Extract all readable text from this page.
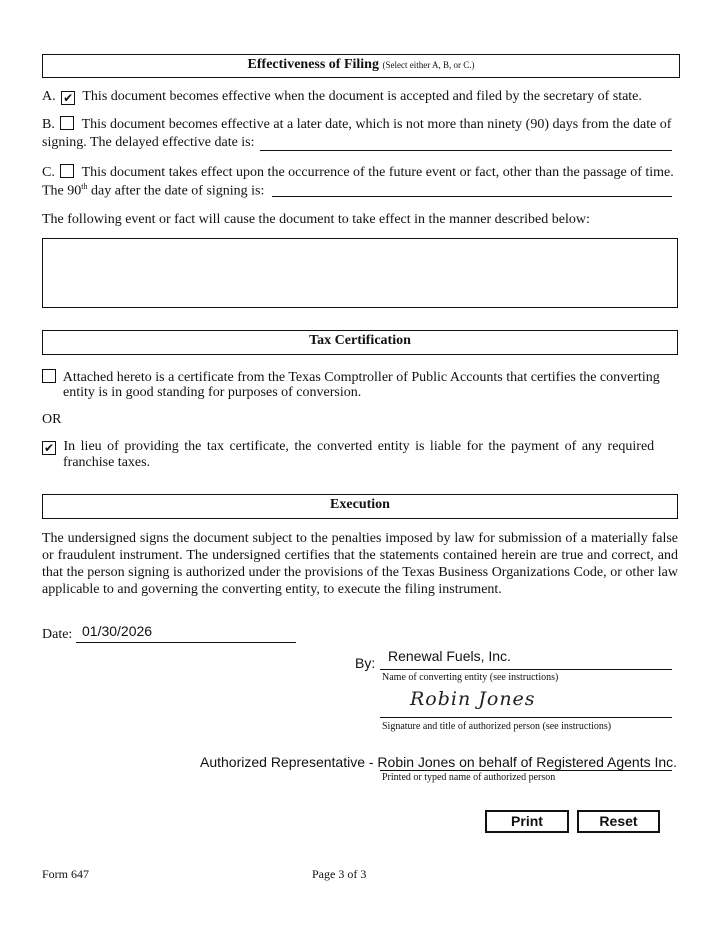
Effectiveness of Filing (Select either A, B, or C.)
A. ✔ This document becomes effective when the document is accepted and filed by the secretary of state.
B. This document becomes effective at a later date, which is not more than ninety (90) days from the date of
signing. The delayed effective date is:
C. This document takes effect upon the occurrence of the future event or fact, other than the passage of time.
The 90th day after the date of signing is:
The following event or fact will cause the document to take effect in the manner described below:
Tax Certification
Attached hereto is a certificate from the Texas Comptroller of Public Accounts that certifies the converting
entity is in good standing for purposes of conversion.
OR
✔ In lieu of providing the tax certificate, the converted entity is liable for the payment of any required
franchise taxes.
Execution
The undersigned signs the document subject to the penalties imposed by law for submission of a materially false or fraudulent instrument. The undersigned certifies that the statements contained herein are true and correct, and that the person signing is authorized under the provisions of the Texas Business Organizations Code, or other law applicable to and governing the converting entity, to execute the filing instrument.
Date: 01/30/2026
By: Renewal Fuels, Inc.
Name of converting entity (see instructions)
Robin Jones
Signature and title of authorized person (see instructions)
Authorized Representative - Robin Jones on behalf of Registered Agents Inc.
Printed or typed name of authorized person
Print	Reset
Form 647	Page 3 of 3
